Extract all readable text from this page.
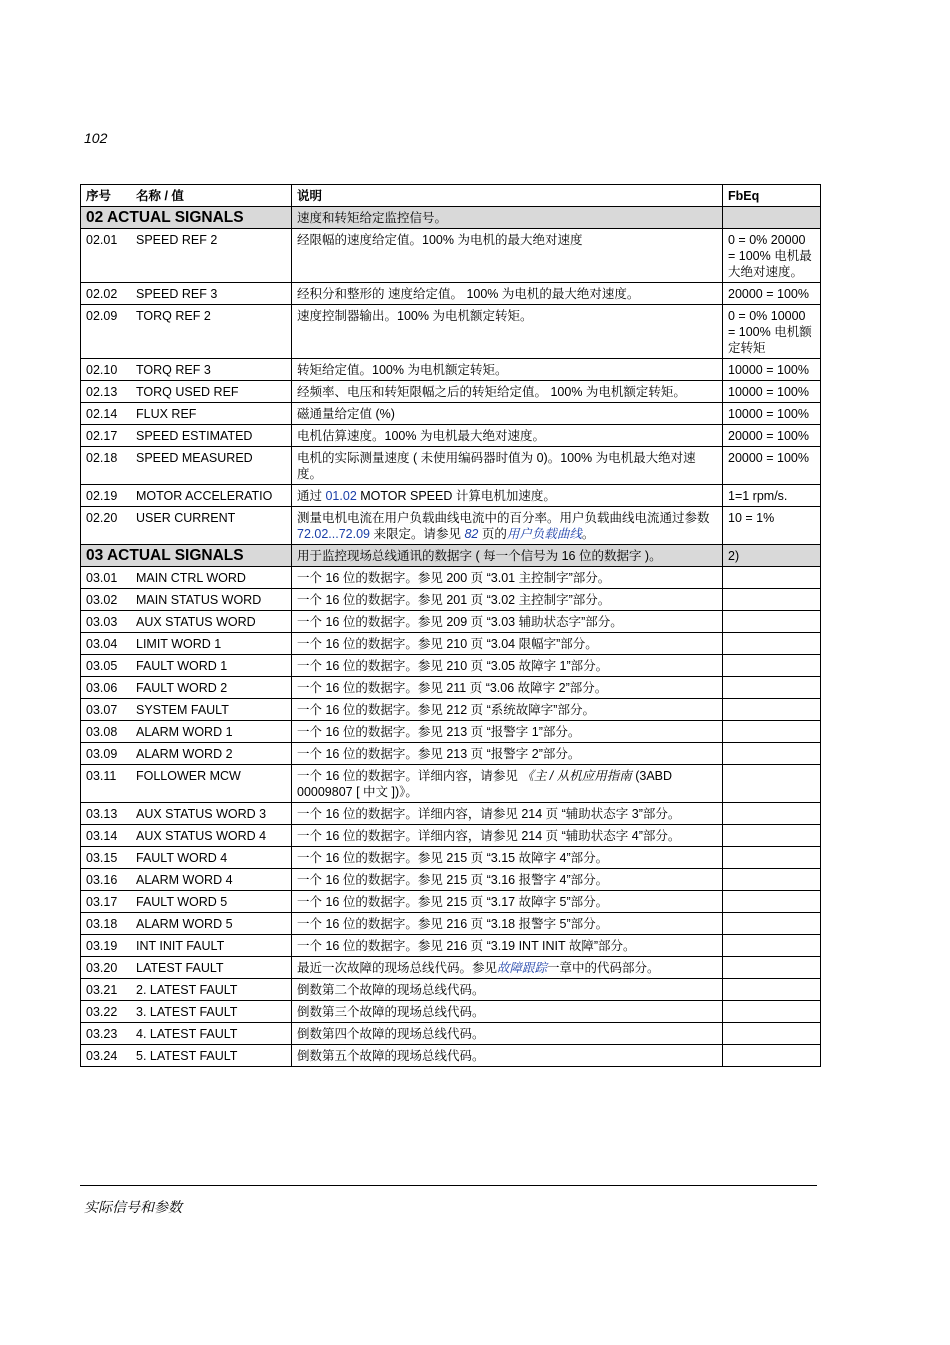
102
序号 名称 / 值	说明	FbEq
02 ACTUAL SIGNALS	速度和转矩给定监控信号。	
02.01 SPEED REF 2	经限幅的速度给定值。100% 为电机的最大绝对速度	0 = 0% 20000 = 100% 电机最大绝对速度。
02.02 SPEED REF 3	经积分和整形的 速度给定值。 100% 为电机的最大绝对速度。	20000 = 100%
02.09 TORQ REF 2	速度控制器输出。100% 为电机额定转矩。	0 = 0% 10000 = 100% 电机额定转矩
02.10 TORQ REF 3	转矩给定值。100% 为电机额定转矩。	10000 = 100%
02.13 TORQ USED REF	经频率、电压和转矩限幅之后的转矩给定值。 100% 为电机额定转矩。	10000 = 100%
02.14 FLUX REF	磁通量给定值 (%)	10000 = 100%
02.17 SPEED ESTIMATED	电机估算速度。100% 为电机最大绝对速度。	20000 = 100%
02.18 SPEED MEASURED	电机的实际测量速度 ( 未使用编码器时值为 0)。100% 为电机最大绝对速度。	20000 = 100%
02.19 MOTOR ACCELERATIO	通过 01.02 MOTOR SPEED 计算电机加速度。	1=1 rpm/s.
02.20 USER CURRENT	测量电机电流在用户负载曲线电流中的百分率。用户负载曲线电流通过参数 72.02...72.09 来限定。请参见 82 页的用户负载曲线。	10 = 1%
03 ACTUAL SIGNALS	用于监控现场总线通讯的数据字 ( 每一个信号为 16 位的数据字 )。	2)
03.01 MAIN CTRL WORD	一个 16 位的数据字。参见 200 页 “3.01 主控制字”部分。	
03.02 MAIN STATUS WORD	一个 16 位的数据字。参见 201 页 “3.02 主控制字”部分。	
03.03 AUX STATUS WORD	一个 16 位的数据字。参见 209 页 “3.03 辅助状态字”部分。	
03.04 LIMIT WORD 1	一个 16 位的数据字。参见 210 页 “3.04 限幅字”部分。	
03.05 FAULT WORD 1	一个 16 位的数据字。参见 210 页 “3.05 故障字 1”部分。	
03.06 FAULT WORD 2	一个 16 位的数据字。参见 211 页 “3.06 故障字 2”部分。	
03.07 SYSTEM FAULT	一个 16 位的数据字。参见 212 页 “系统故障字”部分。	
03.08 ALARM WORD 1	一个 16 位的数据字。参见 213 页 “报警字 1”部分。	
03.09 ALARM WORD 2	一个 16 位的数据字。参见 213 页 “报警字 2”部分。	
03.11 FOLLOWER MCW	一个 16 位的数据字。详细内容，请参见 《主 / 从机应用指南 (3ABD 00009807 [ 中文 ])》。	
03.13 AUX STATUS WORD 3	一个 16 位的数据字。详细内容，请参见 214 页 “辅助状态字 3”部分。	
03.14 AUX STATUS WORD 4	一个 16 位的数据字。详细内容，请参见 214 页 “辅助状态字 4”部分。	
03.15 FAULT WORD 4	一个 16 位的数据字。参见 215 页 “3.15 故障字 4”部分。	
03.16 ALARM WORD 4	一个 16 位的数据字。参见 215 页 “3.16 报警字 4”部分。	
03.17 FAULT WORD 5	一个 16 位的数据字。参见 215 页 “3.17 故障字 5”部分。	
03.18 ALARM WORD 5	一个 16 位的数据字。参见 216 页 “3.18 报警字 5”部分。	
03.19 INT INIT FAULT	一个 16 位的数据字。参见 216 页 “3.19 INT INIT 故障”部分。	
03.20 LATEST FAULT	最近一次故障的现场总线代码。参见故障跟踪一章中的代码部分。	
03.21 2. LATEST FAULT	倒数第二个故障的现场总线代码。	
03.22 3. LATEST FAULT	倒数第三个故障的现场总线代码。	
03.23 4. LATEST FAULT	倒数第四个故障的现场总线代码。	
03.24 5. LATEST FAULT	倒数第五个故障的现场总线代码。	
实际信号和参数
